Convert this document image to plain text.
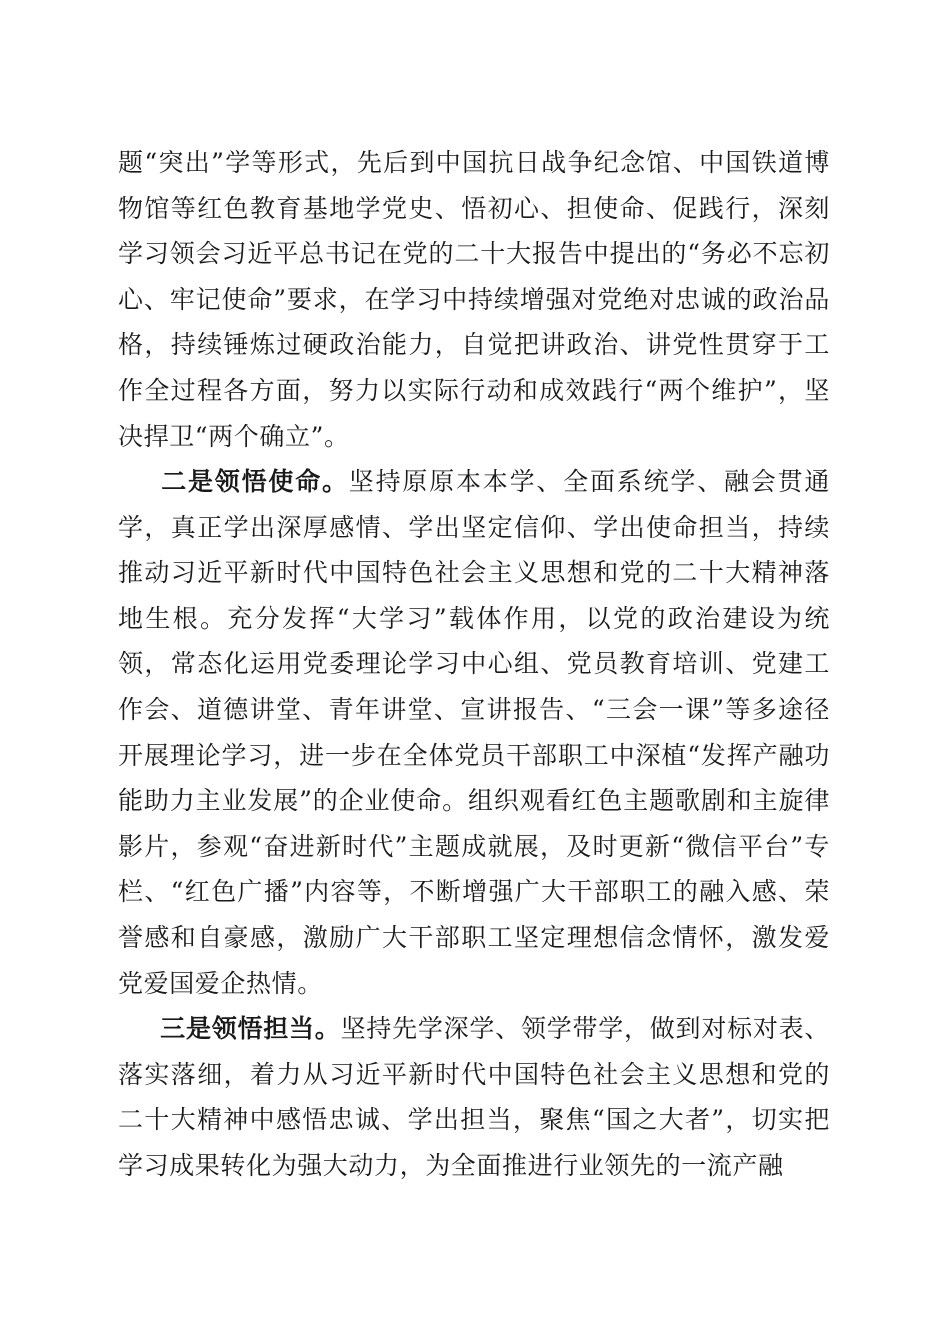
题“突出”学等形式，先后到中国抗日战争纪念馆、中国铁道博物馆等红色教育基地学党史、悟初心、担使命、促践行，深刻学习领会习近平总书记在党的二十大报告中提出的“务必不忘初心、牢记使命”要求，在学习中持续增强对党绝对忠诚的政治品格，持续锤炼过硬政治能力，自觉把讲政治、讲党性贯穿于工作全过程各方面，努力以实际行动和成效践行“两个维护”，坚决捍卫“两个确立”。

二是领悟使命。坚持原原本本学、全面系统学、融会贯通学，真正学出深厚感情、学出坚定信仰、学出使命担当，持续推动习近平新时代中国特色社会主义思想和党的二十大精神落地生根。充分发挥“大学习”载体作用，以党的政治建设为统领，常态化运用党委理论学习中心组、党员教育培训、党建工作会、道德讲堂、青年讲堂、宣讲报告、“三会一课”等多途径开展理论学习，进一步在全体党员干部职工中深植“发挥产融功能助力主业发展”的企业使命。组织观看红色主题歌剧和主旋律影片，参观“奋进新时代”主题成就展，及时更新“微信平台”专栏、“红色广播”内容等，不断增强广大干部职工的融入感、荣誉感和自豪感，激励广大干部职工坚定理想信念情怀，激发爱党爱国爱企热情。

三是领悟担当。坚持先学深学、领学带学，做到对标对表、落实落细，着力从习近平新时代中国特色社会主义思想和党的二十大精神中感悟忠诚、学出担当，聚焦“国之大者”，切实把学习成果转化为强大动力，为全面推进行业领先的一流产融
